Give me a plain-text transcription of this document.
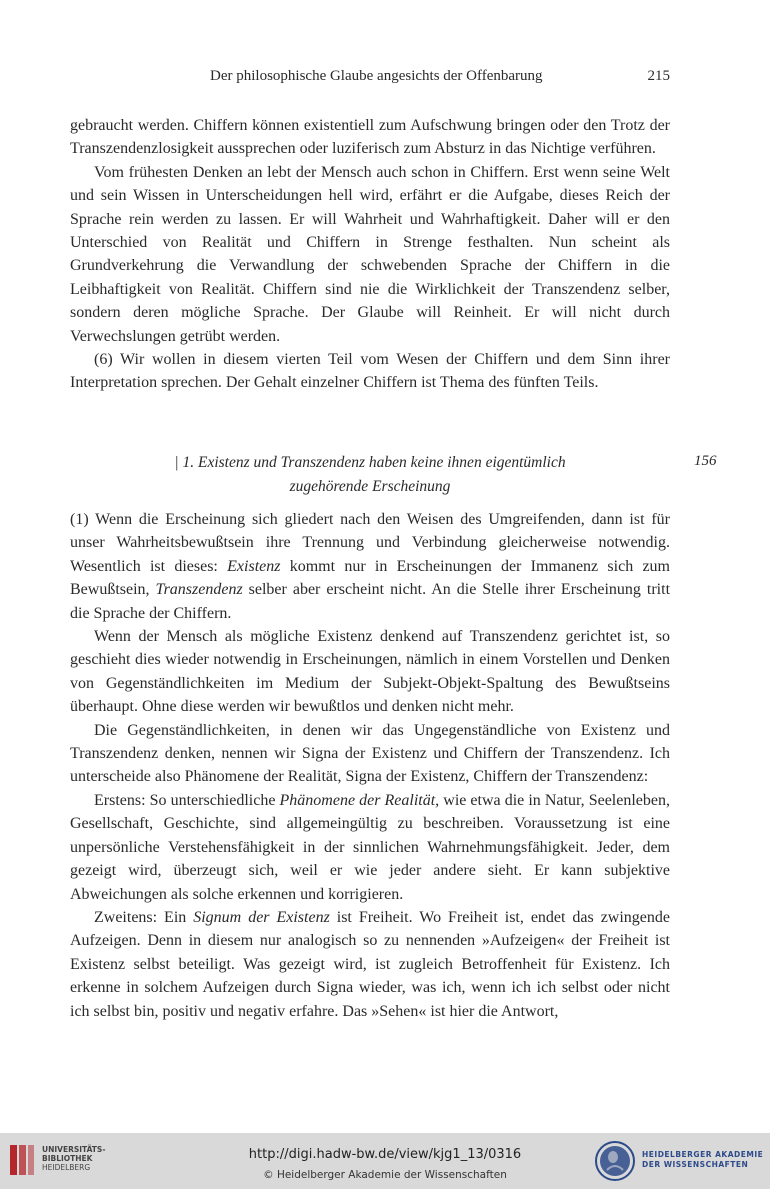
Der philosophische Glaube angesichts der Offenbarung	215

gebraucht werden. Chiffern können existentiell zum Aufschwung bringen oder den Trotz der Transzendenzlosigkeit aussprechen oder luziferisch zum Absturz in das Nichtige verführen.

Vom frühesten Denken an lebt der Mensch auch schon in Chiffern. Erst wenn seine Welt und sein Wissen in Unterscheidungen hell wird, erfährt er die Aufgabe, dieses Reich der Sprache rein werden zu lassen. Er will Wahrheit und Wahrhaftigkeit. Daher will er den Unterschied von Realität und Chiffern in Strenge festhalten. Nun scheint als Grundverkehrung die Verwandlung der schwebenden Sprache der Chiffern in die Leibhaftigkeit von Realität. Chiffern sind nie die Wirklichkeit der Transzendenz selber, sondern deren mögliche Sprache. Der Glaube will Reinheit. Er will nicht durch Verwechslungen getrübt werden.

(6) Wir wollen in diesem vierten Teil vom Wesen der Chiffern und dem Sinn ihrer Interpretation sprechen. Der Gehalt einzelner Chiffern ist Thema des fünften Teils.

| 1. Existenz und Transzendenz haben keine ihnen eigentümlich
zugehörende Erscheinung
156

(1) Wenn die Erscheinung sich gliedert nach den Weisen des Umgreifenden, dann ist für unser Wahrheitsbewußtsein ihre Trennung und Verbindung gleicherweise notwendig. Wesentlich ist dieses: Existenz kommt nur in Erscheinungen der Immanenz sich zum Bewußtsein, Transzendenz selber aber erscheint nicht. An die Stelle ihrer Erscheinung tritt die Sprache der Chiffern.

Wenn der Mensch als mögliche Existenz denkend auf Transzendenz gerichtet ist, so geschieht dies wieder notwendig in Erscheinungen, nämlich in einem Vorstellen und Denken von Gegenständlichkeiten im Medium der Subjekt-Objekt-Spaltung des Bewußtseins überhaupt. Ohne diese werden wir bewußtlos und denken nicht mehr.

Die Gegenständlichkeiten, in denen wir das Ungegenständliche von Existenz und Transzendenz denken, nennen wir Signa der Existenz und Chiffern der Transzendenz. Ich unterscheide also Phänomene der Realität, Signa der Existenz, Chiffern der Transzendenz:

Erstens: So unterschiedliche Phänomene der Realität, wie etwa die in Natur, Seelenleben, Gesellschaft, Geschichte, sind allgemeingültig zu beschreiben. Voraussetzung ist eine unpersönliche Verstehensfähigkeit in der sinnlichen Wahrnehmungsfähigkeit. Jeder, dem gezeigt wird, überzeugt sich, weil er wie jeder andere sieht. Er kann subjektive Abweichungen als solche erkennen und korrigieren.

Zweitens: Ein Signum der Existenz ist Freiheit. Wo Freiheit ist, endet das zwingende Aufzeigen. Denn in diesem nur analogisch so zu nennenden »Aufzeigen« der Freiheit ist Existenz selbst beteiligt. Was gezeigt wird, ist zugleich Betroffenheit für Existenz. Ich erkenne in solchem Aufzeigen durch Signa wieder, was ich, wenn ich ich selbst oder nicht ich selbst bin, positiv und negativ erfahre. Das »Sehen« ist hier die Antwort,

UNIVERSITÄTS-
BIBLIOTHEK
HEIDELBERG
http://digi.hadw-bw.de/view/kjg1_13/0316
© Heidelberger Akademie der Wissenschaften
HEIDELBERGER AKADEMIE
DER WISSENSCHAFTEN
